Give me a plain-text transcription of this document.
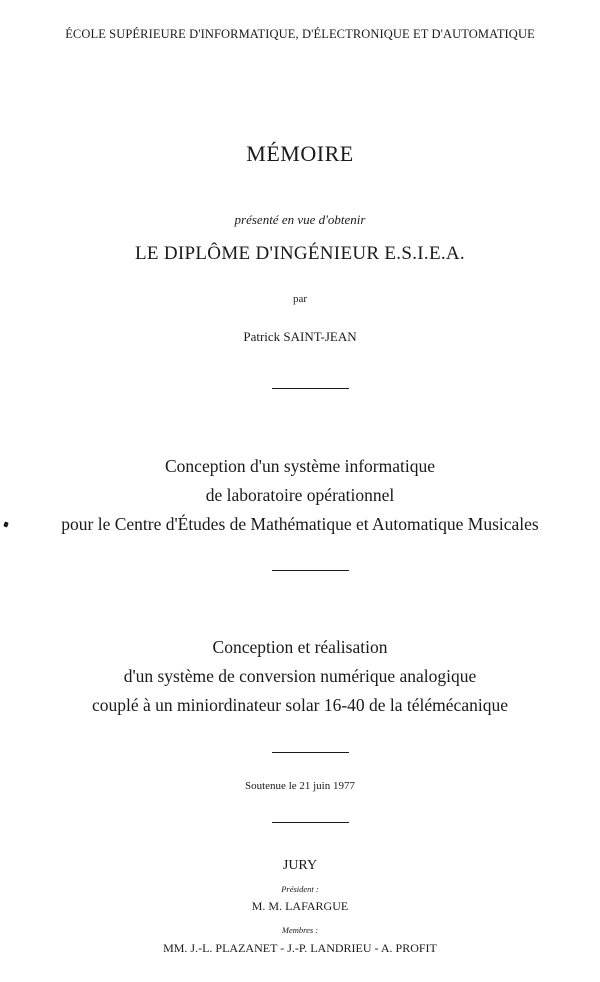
ÉCOLE SUPÉRIEURE D'INFORMATIQUE, D'ÉLECTRONIQUE ET D'AUTOMATIQUE
MÉMOIRE
présenté en vue d'obtenir
LE DIPLÔME D'INGÉNIEUR E.S.I.E.A.
par
Patrick SAINT-JEAN
Conception d'un système informatique
de laboratoire opérationnel
pour le Centre d'Études de Mathématique et Automatique Musicales
Conception et réalisation
d'un système de conversion numérique analogique
couplé à un miniordinateur solar 16-40 de la télémécanique
Soutenue le 21 juin 1977
JURY
Président :
M. M. LAFARGUE
Membres :
MM. J.-L. PLAZANET - J.-P. LANDRIEU - A. PROFIT
